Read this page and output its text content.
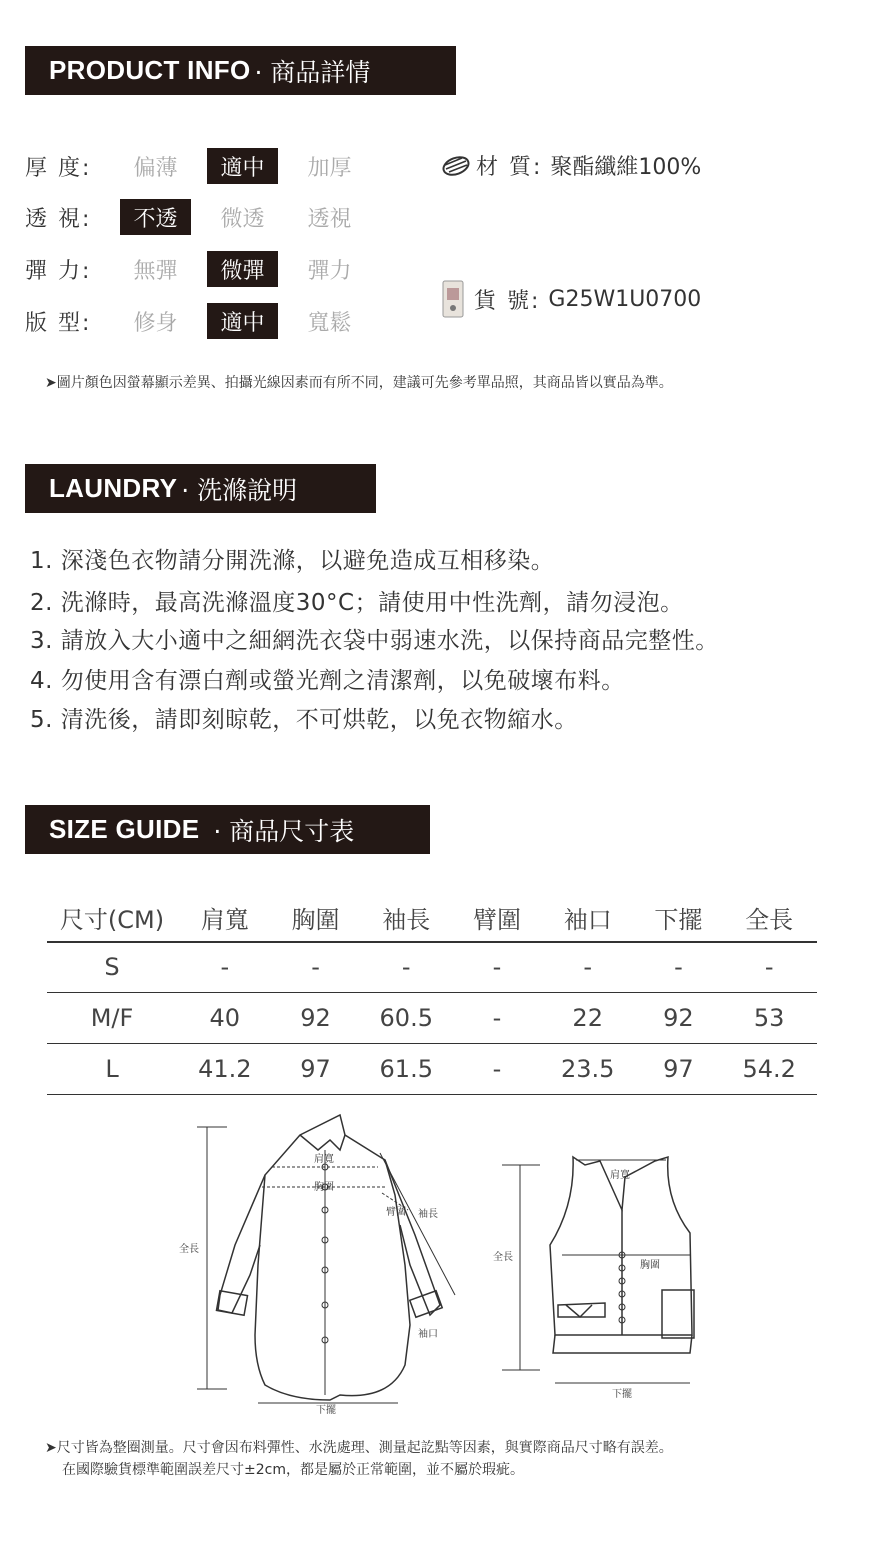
PRODUCT INFO · 商品詳情
厚 度:	偏薄	適中	加厚
透 視:	不透	微透	透視
彈 力:	無彈	微彈	彈力
版 型:	修身	適中	寬鬆
材 質: 聚酯纖維100%
貨 號: G25W1U0700
➤圖片顏色因螢幕顯示差異、拍攝光線因素而有所不同，建議可先參考單品照，其商品皆以實品為準。
LAUNDRY · 洗滌說明
1. 深淺色衣物請分開洗滌，以避免造成互相移染。
2. 洗滌時，最高洗滌溫度30°C；請使用中性洗劑，請勿浸泡。
3. 請放入大小適中之細網洗衣袋中弱速水洗，以保持商品完整性。
4. 勿使用含有漂白劑或螢光劑之清潔劑，以免破壞布料。
5. 清洗後，請即刻晾乾，不可烘乾，以免衣物縮水。
SIZE GUIDE · 商品尺寸表
尺寸(CM)	肩寬	胸圍	袖長	臂圍	袖口	下擺	全長
S	-	-	-	-	-	-	-
M/F	40	92	60.5	-	22	92	53
L	41.2	97	61.5	-	23.5	97	54.2
肩寬
胸圍
臂圍 袖長
全長
袖口
下擺
肩寬
胸圍
全長
下擺
➤尺寸皆為整圈測量。尺寸會因布料彈性、水洗處理、測量起訖點等因素，與實際商品尺寸略有誤差。
在國際驗貨標準範圍誤差尺寸±2cm，都是屬於正常範圍，並不屬於瑕疵。
